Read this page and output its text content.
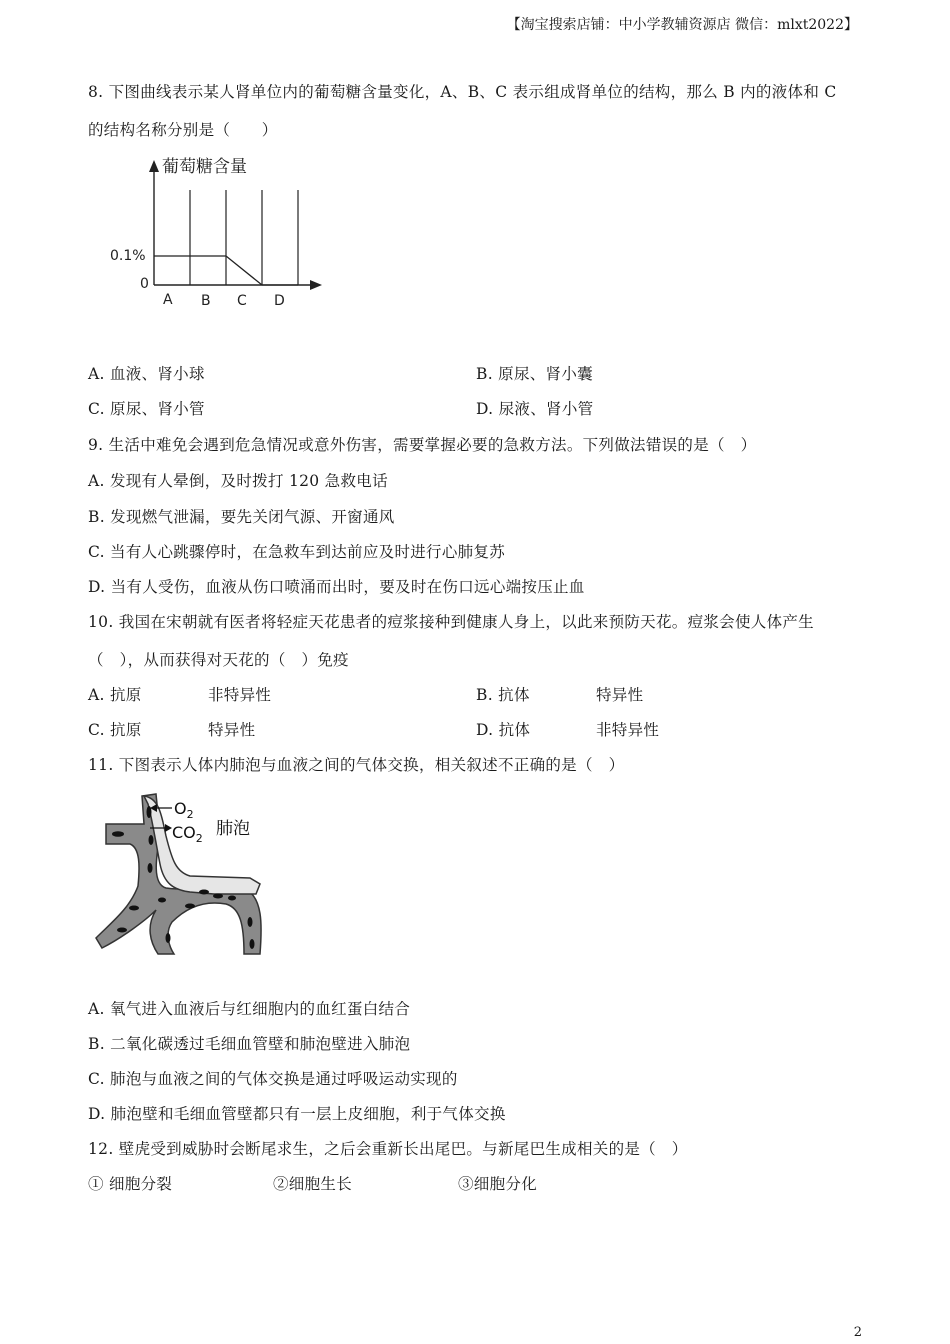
【淘宝搜索店铺：中小学教辅资源店 微信：mlxt2022】
8. 下图曲线表示某人肾单位内的葡萄糖含量变化，A、B、C 表示组成肾单位的结构，那么 B 内的液体和 C
的结构名称分别是（　　）
葡萄糖含量
0.1%
0
A B C D
A. 血液、肾小球	B. 原尿、肾小囊
C. 原尿、肾小管	D. 尿液、肾小管
9. 生活中难免会遇到危急情况或意外伤害，需要掌握必要的急救方法。下列做法错误的是（　）
A. 发现有人晕倒，及时拨打 120 急救电话
B. 发现燃气泄漏，要先关闭气源、开窗通风
C. 当有人心跳骤停时，在急救车到达前应及时进行心肺复苏
D. 当有人受伤，血液从伤口喷涌而出时，要及时在伤口远心端按压止血
10. 我国在宋朝就有医者将轻症天花患者的痘浆接种到健康人身上，以此来预防天花。痘浆会使人体产生
（　），从而获得对天花的（　）免疫
A. 抗原	非特异性	B. 抗体	特异性
C. 抗原	特异性	D. 抗体	非特异性
11. 下图表示人体内肺泡与血液之间的气体交换，相关叙述不正确的是（　）
$O_2$
$CO_2$ 肺泡
A. 氧气进入血液后与红细胞内的血红蛋白结合
B. 二氧化碳透过毛细血管壁和肺泡壁进入肺泡
C. 肺泡与血液之间的气体交换是通过呼吸运动实现的
D. 肺泡壁和毛细血管壁都只有一层上皮细胞，利于气体交换
12. 壁虎受到威胁时会断尾求生，之后会重新长出尾巴。与新尾巴生成相关的是（　）
① 细胞分裂	②细胞生长	③细胞分化
2
